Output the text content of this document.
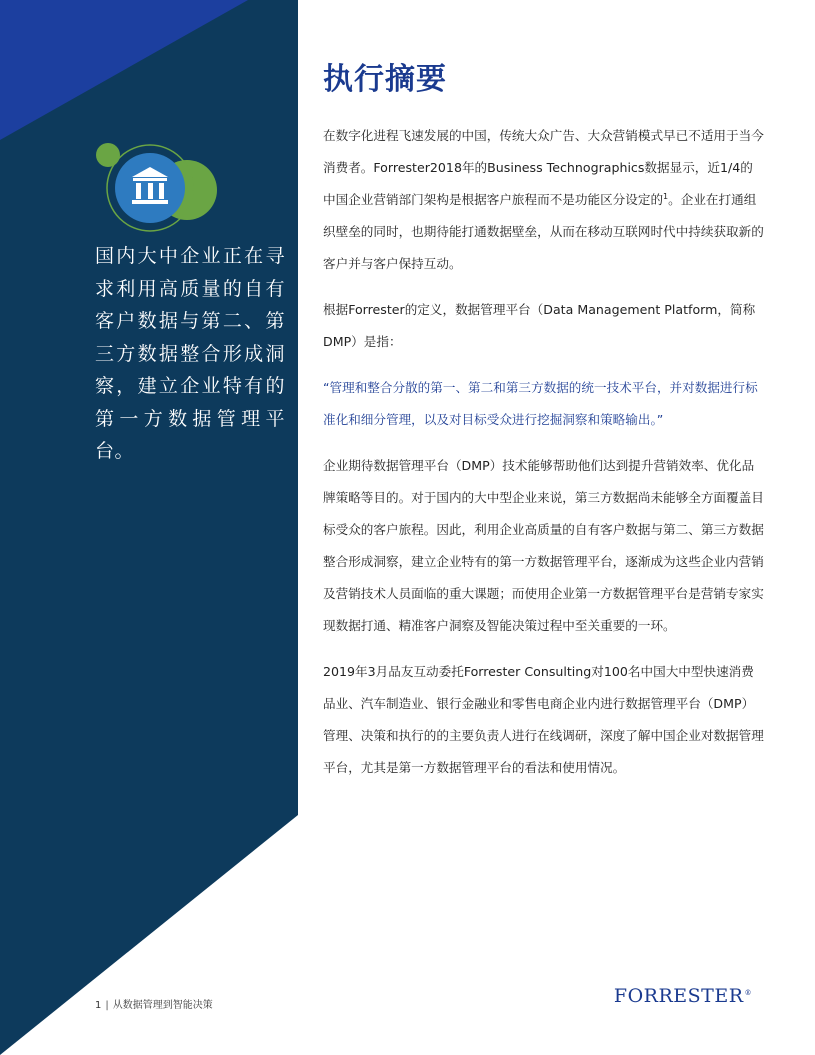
国内大中企业正在寻求利用高质量的自有客户数据与第二、第三方数据整合形成洞察，建立企业特有的第一方数据管理平台。
执行摘要

在数字化进程飞速发展的中国，传统大众广告、大众营销模式早已不适用于当今消费者。Forrester2018年的Business Technographics数据显示，近1/4的中国企业营销部门架构是根据客户旅程而不是功能区分设定的$^1$。企业在打通组织壁垒的同时，也期待能打通数据壁垒，从而在移动互联网时代中持续获取新的客户并与客户保持互动。

根据Forrester的定义，数据管理平台（Data Management Platform，简称DMP）是指：

“管理和整合分散的第一、第二和第三方数据的统一技术平台，并对数据进行标准化和细分管理，以及对目标受众进行挖掘洞察和策略输出。”

企业期待数据管理平台（DMP）技术能够帮助他们达到提升营销效率、优化品牌策略等目的。对于国内的大中型企业来说，第三方数据尚未能够全方面覆盖目标受众的客户旅程。因此，利用企业高质量的自有客户数据与第二、第三方数据整合形成洞察，建立企业特有的第一方数据管理平台，逐渐成为这些企业内营销及营销技术人员面临的重大课题；而使用企业第一方数据管理平台是营销专家实现数据打通、精准客户洞察及智能决策过程中至关重要的一环。

2019年3月品友互动委托Forrester Consulting对100名中国大中型快速消费品业、汽车制造业、银行金融业和零售电商企业内进行数据管理平台（DMP）管理、决策和执行的的主要负责人进行在线调研，深度了解中国企业对数据管理平台，尤其是第一方数据管理平台的看法和使用情况。

1 | 从数据管理到智能决策	FORRESTER®
